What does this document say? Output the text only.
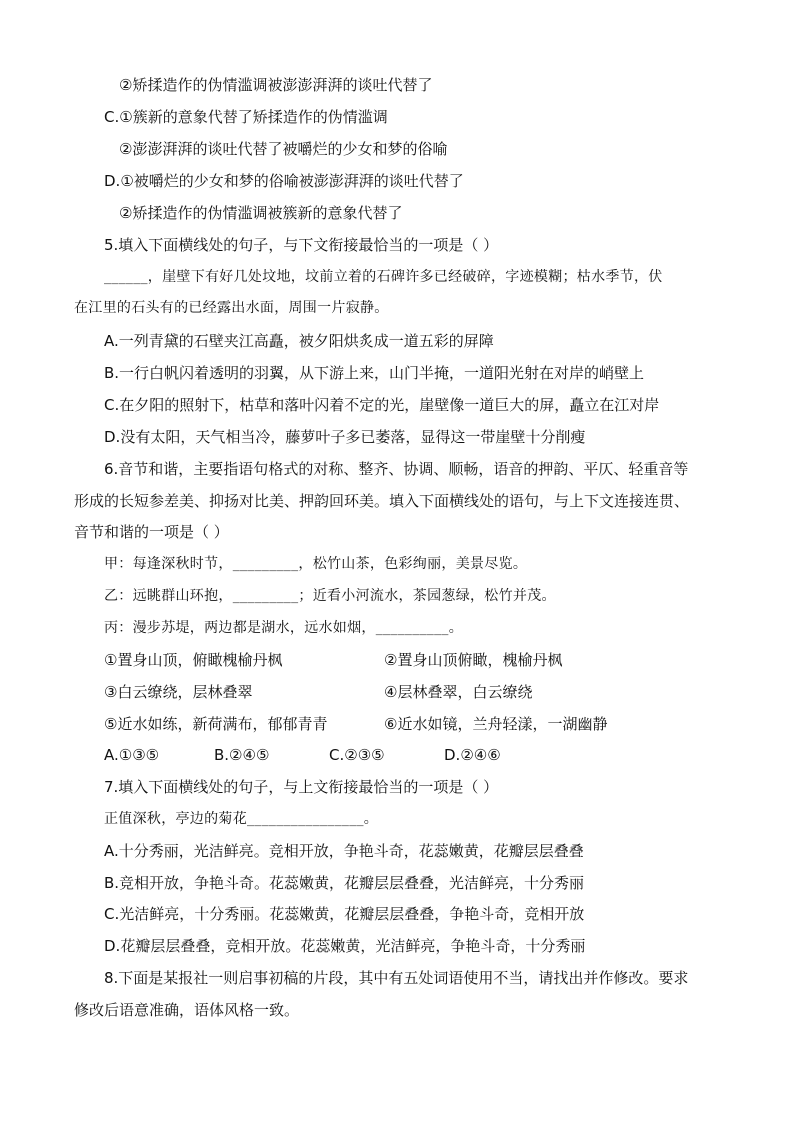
②矫揉造作的伪情滥调被澎澎湃湃的谈吐代替了
C.①簇新的意象代替了矫揉造作的伪情滥调
②澎澎湃湃的谈吐代替了被嚼烂的少女和梦的俗喻
D.①被嚼烂的少女和梦的俗喻被澎澎湃湃的谈吐代替了
②矫揉造作的伪情滥调被簇新的意象代替了
5.填入下面横线处的句子，与下文衔接最恰当的一项是（ ）
______，崖壁下有好几处坟地，坟前立着的石碑许多已经破碎，字迹模糊；枯水季节，伏
在江里的石头有的已经露出水面，周围一片寂静。
A.一列青黛的石壁夹江高矗，被夕阳烘炙成一道五彩的屏障
B.一行白帆闪着透明的羽翼，从下游上来，山门半掩，一道阳光射在对岸的峭壁上
C.在夕阳的照射下，枯草和落叶闪着不定的光，崖壁像一道巨大的屏，矗立在江对岸
D.没有太阳，天气相当冷，藤萝叶子多已萎落，显得这一带崖壁十分削瘦
6.音节和谐，主要指语句格式的对称、整齐、协调、顺畅，语音的押韵、平仄、轻重音等
形成的长短参差美、抑扬对比美、押韵回环美。填入下面横线处的语句，与上下文连接连贯、
音节和谐的一项是（ ）
甲：每逢深秋时节，_________，松竹山茶，色彩绚丽，美景尽览。
乙：远眺群山环抱，_________；近看小河流水，茶园葱绿，松竹并茂。
丙：漫步苏堤，两边都是湖水，远水如烟，__________。
①置身山顶，俯瞰槐榆丹枫	②置身山顶俯瞰，槐榆丹枫
③白云缭绕，层林叠翠	④层林叠翠，白云缭绕
⑤近水如练，新荷满布，郁郁青青	⑥近水如镜，兰舟轻漾，一湖幽静
A.①③⑤	B.②④⑤	C.②③⑤	D.②④⑥
7.填入下面横线处的句子，与上文衔接最恰当的一项是（ ）
正值深秋，亭边的菊花________________。
A.十分秀丽，光洁鲜亮。竞相开放，争艳斗奇，花蕊嫩黄，花瓣层层叠叠
B.竞相开放，争艳斗奇。花蕊嫩黄，花瓣层层叠叠，光洁鲜亮，十分秀丽
C.光洁鲜亮，十分秀丽。花蕊嫩黄，花瓣层层叠叠，争艳斗奇，竞相开放
D.花瓣层层叠叠，竞相开放。花蕊嫩黄，光洁鲜亮，争艳斗奇，十分秀丽
8.下面是某报社一则启事初稿的片段，其中有五处词语使用不当，请找出并作修改。要求
修改后语意准确，语体风格一致。
